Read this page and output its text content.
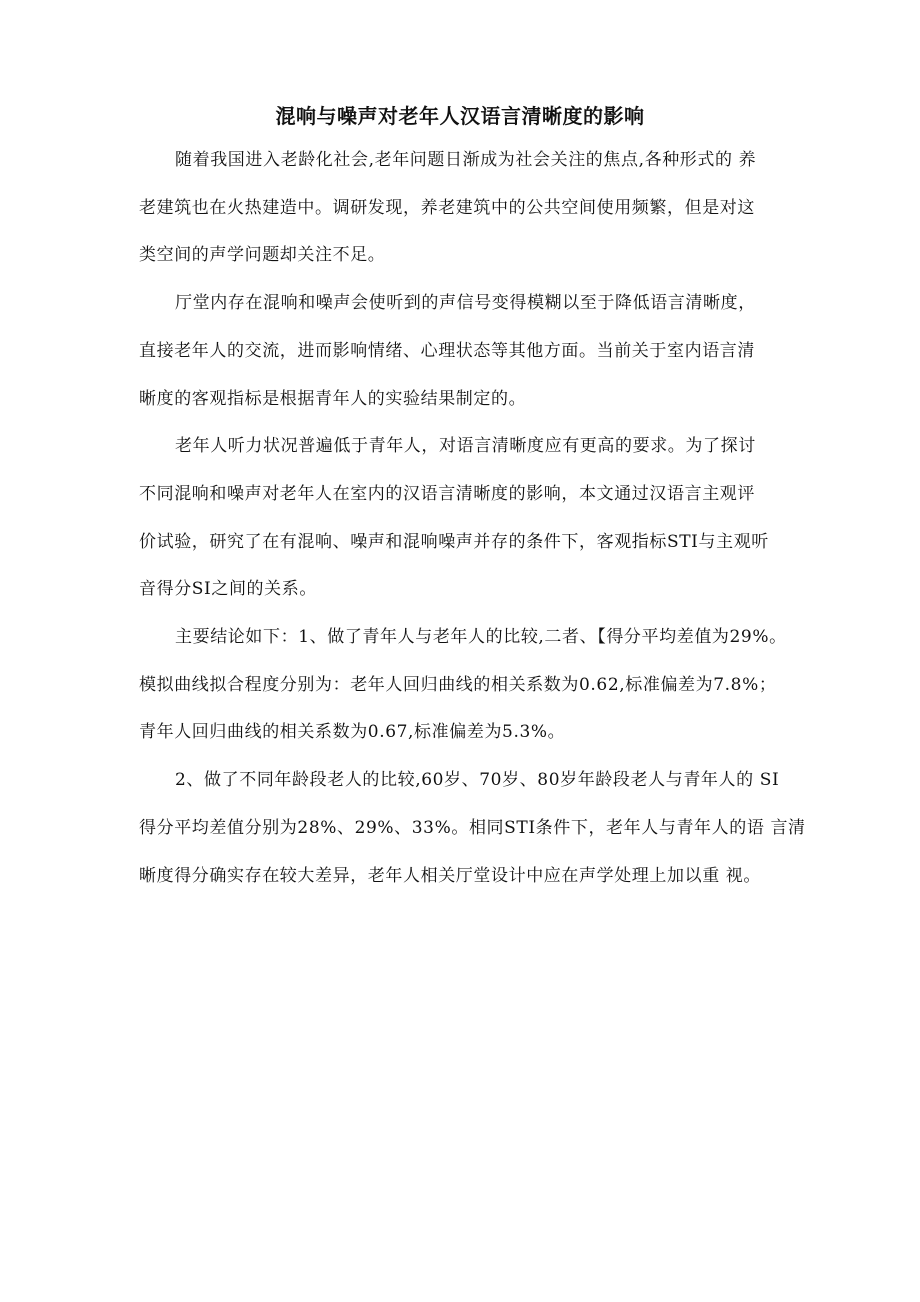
混响与噪声对老年人汉语言清晰度的影响
随着我国进入老龄化社会,老年问题日渐成为社会关注的焦点,各种形式的 养
老建筑也在火热建造中。调研发现，养老建筑中的公共空间使用频繁，但是对这
类空间的声学问题却关注不足。
厅堂内存在混响和噪声会使听到的声信号变得模糊以至于降低语言清晰度，
直接老年人的交流，进而影响情绪、心理状态等其他方面。当前关于室内语言清
晰度的客观指标是根据青年人的实验结果制定的。
老年人听力状况普遍低于青年人，对语言清晰度应有更高的要求。为了探讨
不同混响和噪声对老年人在室内的汉语言清晰度的影响，本文通过汉语言主观评
价试验，研究了在有混响、噪声和混响噪声并存的条件下，客观指标STI与主观听
音得分SI之间的关系。
主要结论如下：1、做了青年人与老年人的比较,二者、【得分平均差值为29%。
模拟曲线拟合程度分别为：老年人回归曲线的相关系数为0.62,标准偏差为7.8%；
青年人回归曲线的相关系数为0.67,标准偏差为5.3%。
2、做了不同年龄段老人的比较,60岁、70岁、80岁年龄段老人与青年人的 SI
得分平均差值分别为28%、29%、33%。相同STI条件下，老年人与青年人的语 言清
晰度得分确实存在较大差异，老年人相关厅堂设计中应在声学处理上加以重 视。
